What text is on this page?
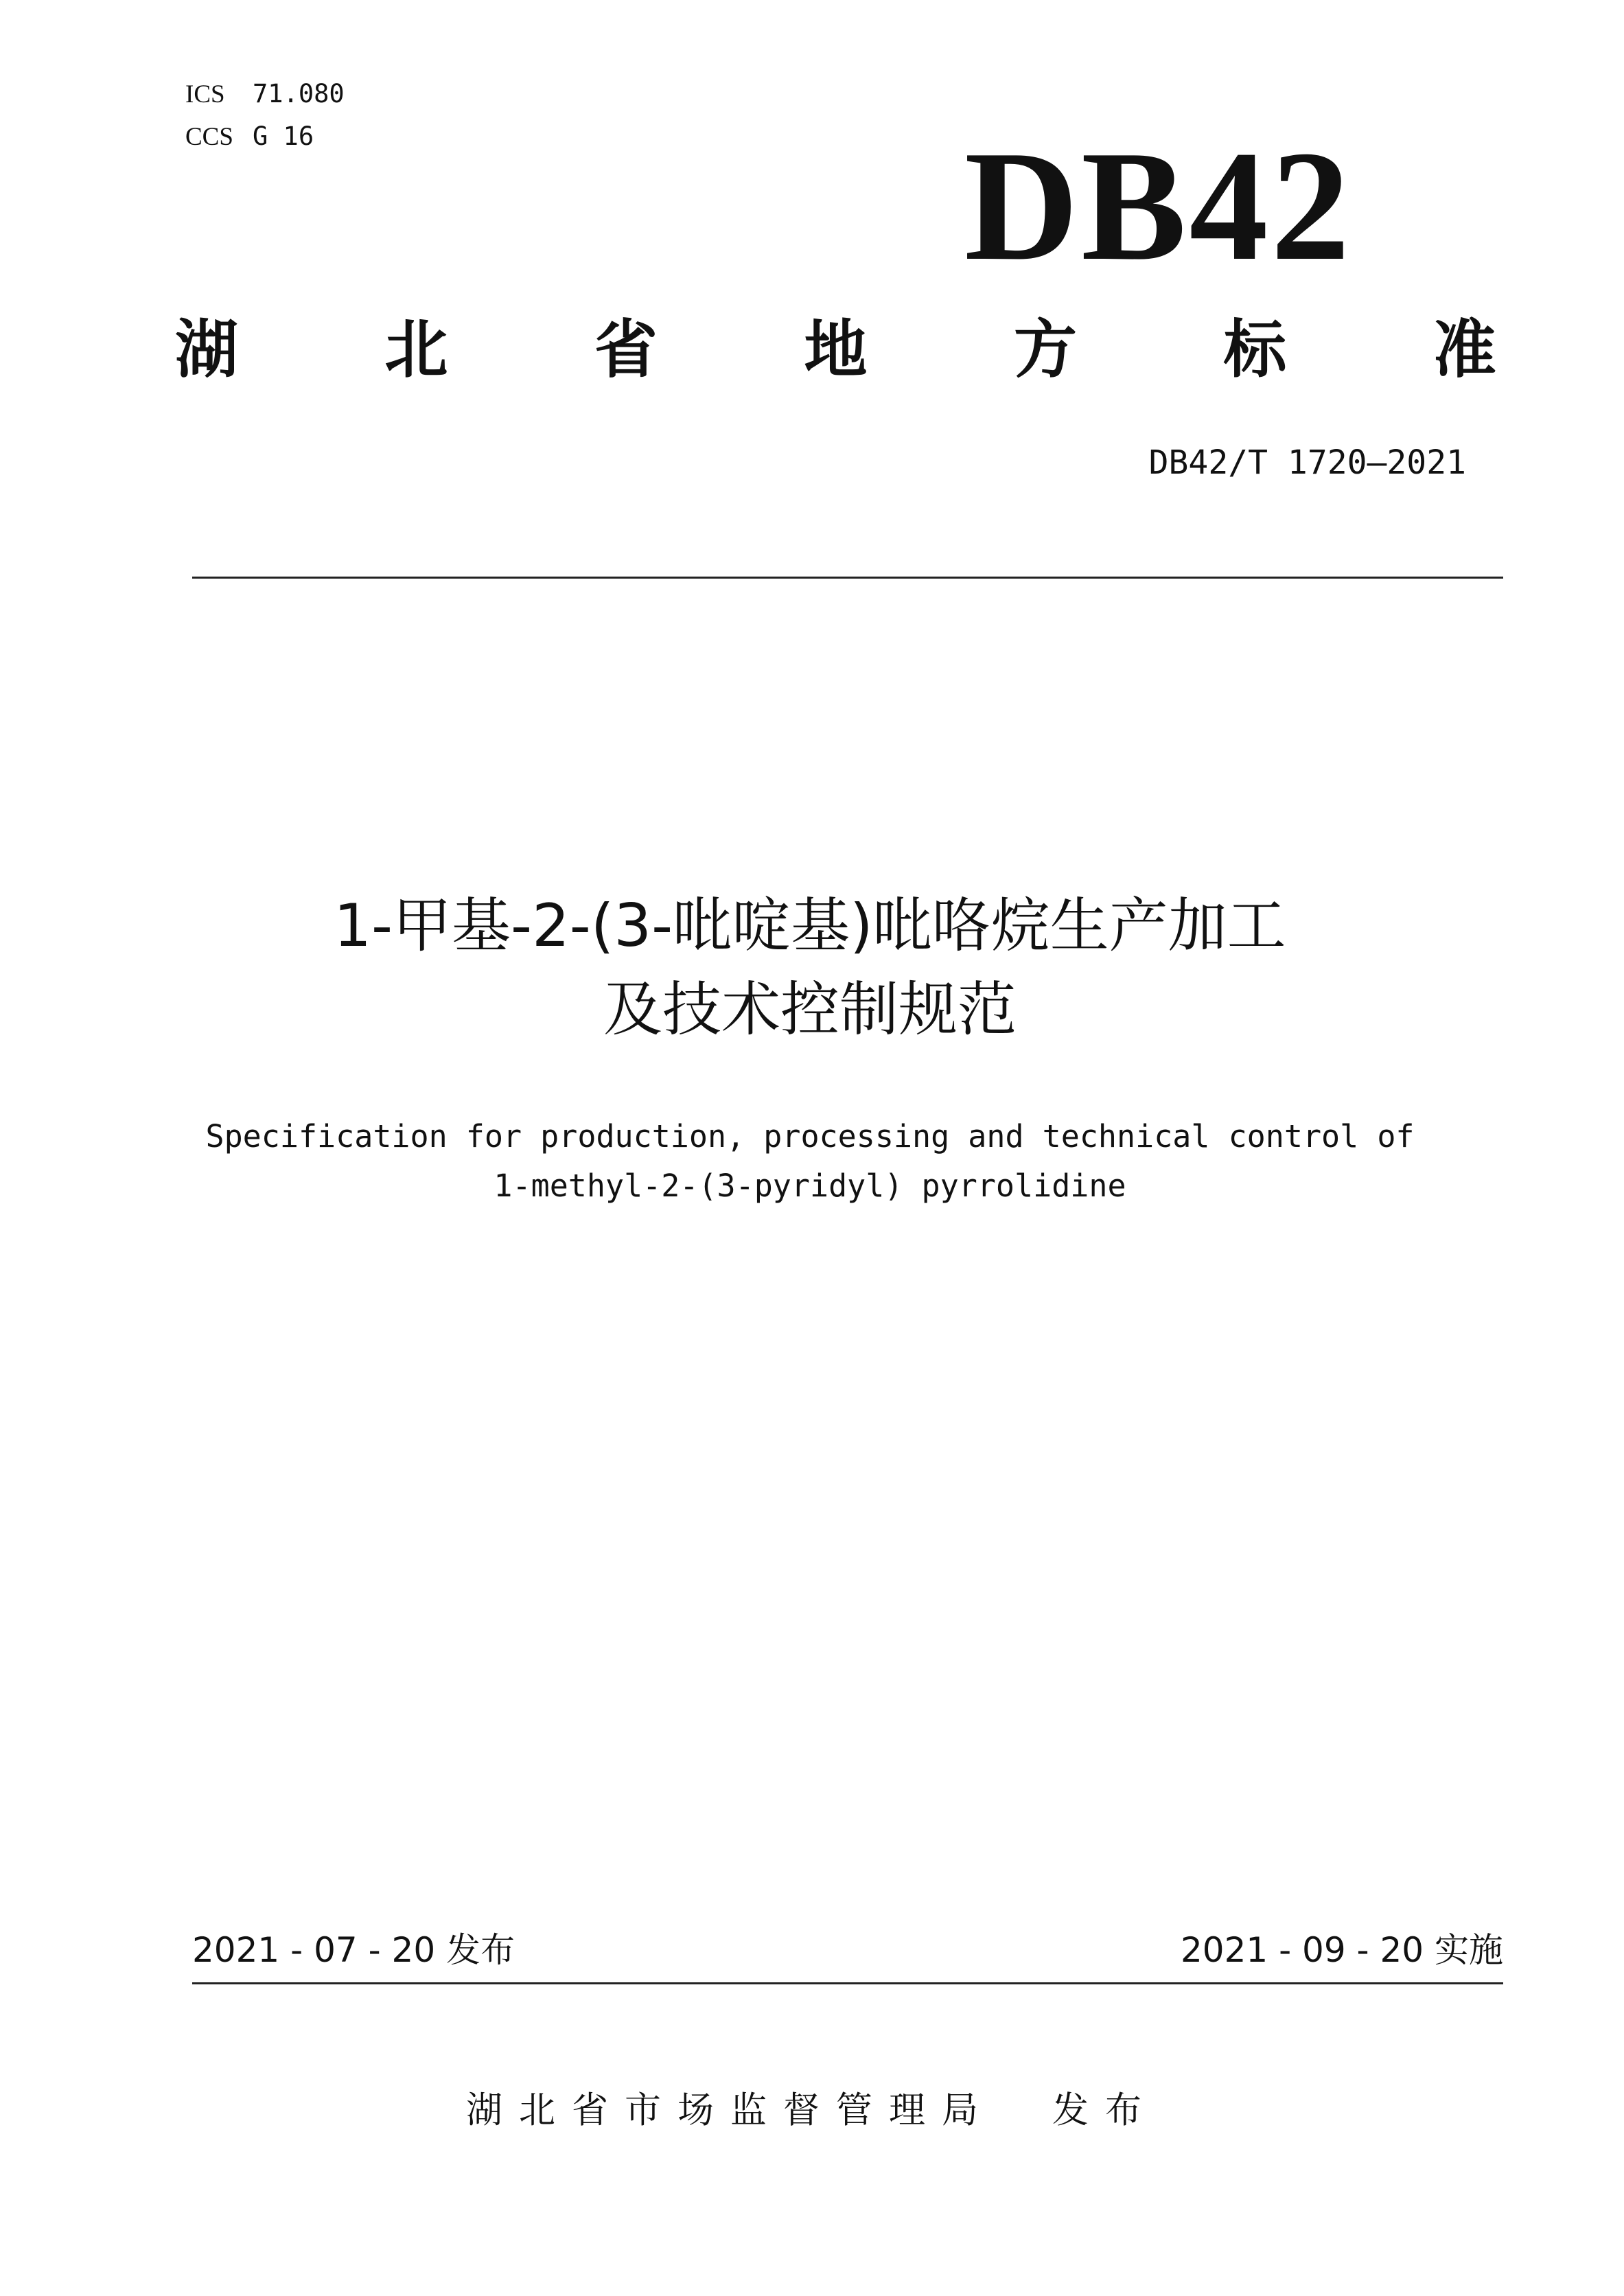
ICS 71.080
CCS G 16	DB42
湖 北 省 地 方 标 准
DB42/T 1720—2021
1-甲基-2-(3-吡啶基)吡咯烷生产加工
及技术控制规范
Specification for production, processing and technical control of
1-methyl-2-(3-pyridyl) pyrrolidine
2021 - 07 - 20 发布	2021 - 09 - 20 实施
湖北省市场监督管理局 发布
